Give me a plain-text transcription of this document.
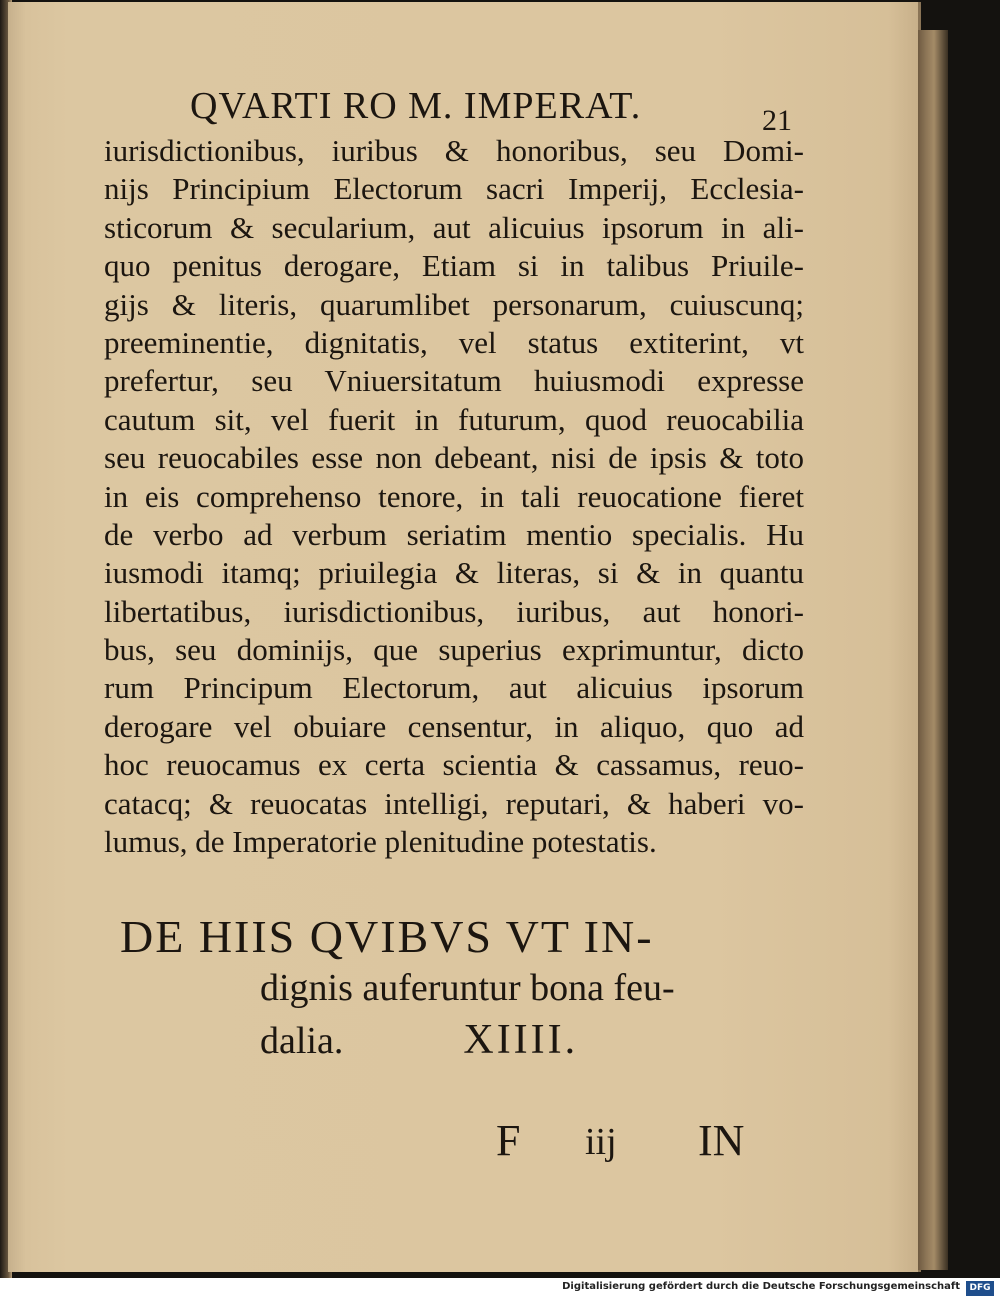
QVARTI RO M. IMPERAT.	21
iurisdictionibus, iuribus & honoribus, seu Domi-
nijs Principium Electorum sacri Imperij, Ecclesia-
sticorum & secularium, aut alicuius ipsorum in ali-
quo penitus derogare, Etiam si in talibus Priuile-
gijs & literis, quarumlibet personarum, cuiuscunq;
preeminentie, dignitatis, vel status extiterint, vt
prefertur, seu Vniuersitatum huiusmodi expresse
cautum sit, vel fuerit in futurum, quod reuocabilia
seu reuocabiles esse non debeant, nisi de ipsis & toto
in eis comprehenso tenore, in tali reuocatione fieret
de verbo ad verbum seriatim mentio specialis. Hu
iusmodi itamq; priuilegia & literas, si & in quantu
libertatibus, iurisdictionibus, iuribus, aut honori-
bus, seu dominijs, que superius exprimuntur, dicto
rum Principum Electorum, aut alicuius ipsorum
derogare vel obuiare censentur, in aliquo, quo ad
hoc reuocamus ex certa scientia & cassamus, reuo-
catacq; & reuocatas intelligi, reputari, & haberi vo-
lumus, de Imperatorie plenitudine potestatis.
DE HIIS QVIBVS VT IN-
dignis auferuntur bona feu-
dalia.	XIIII.
F iij IN
Digitalisierung gefördert durch die Deutsche Forschungsgemeinschaft	DFG
